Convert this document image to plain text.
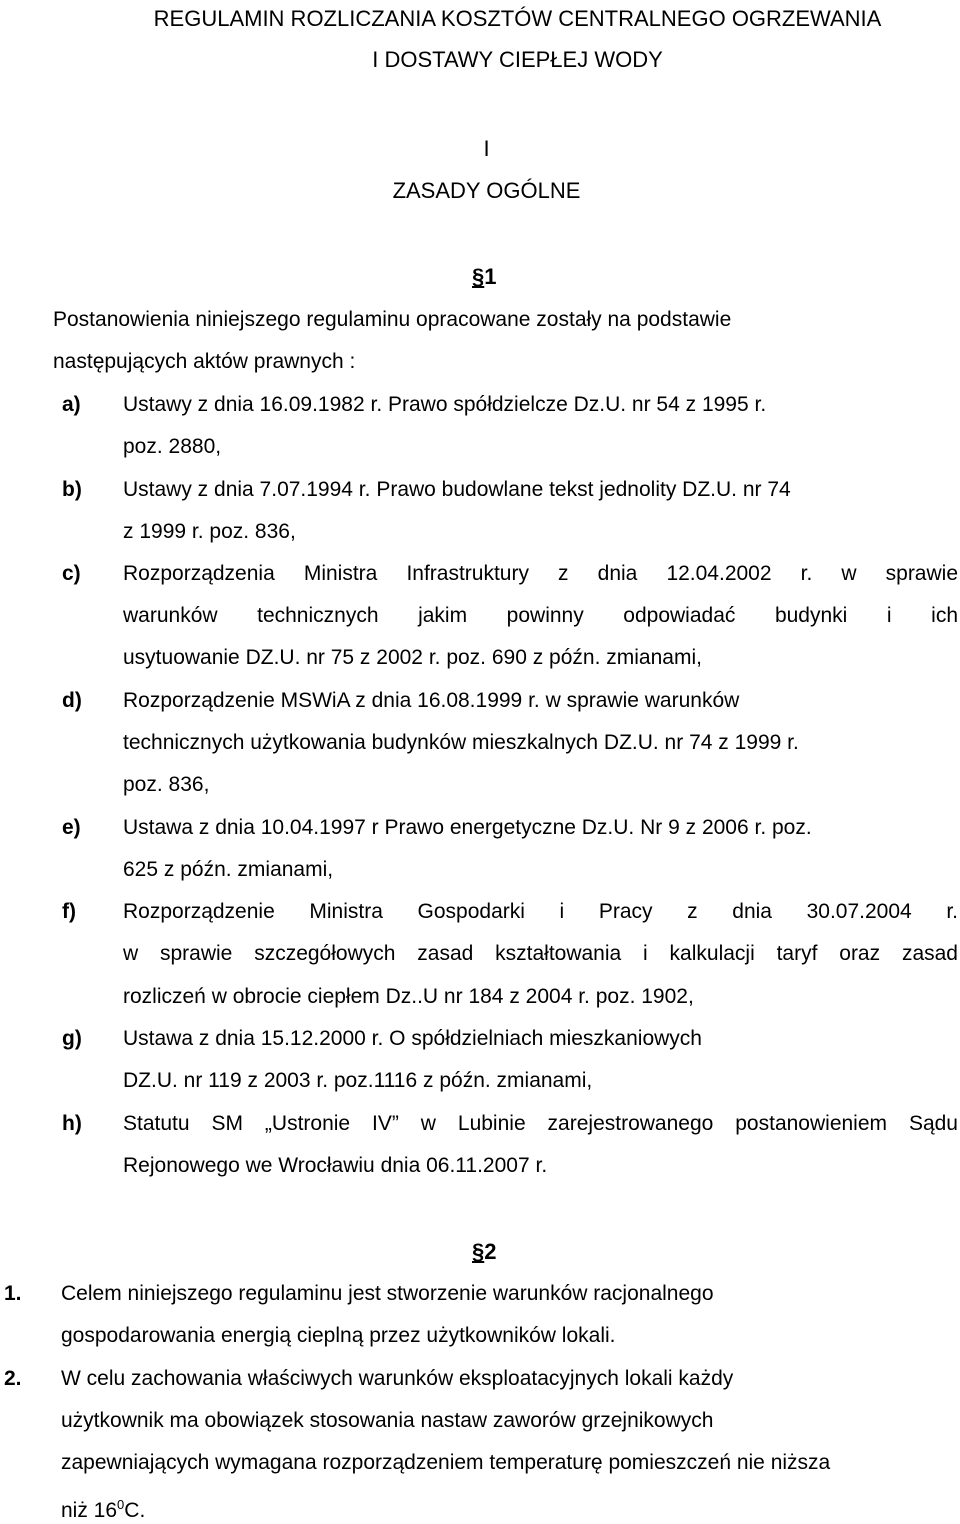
REGULAMIN ROZLICZANIA KOSZTÓW CENTRALNEGO OGRZEWANIA
I DOSTAWY CIEPŁEJ WODY
I
ZASADY OGÓLNE
§1
Postanowienia niniejszego regulaminu opracowane zostały na podstawie
następujących aktów prawnych :
a) Ustawy z dnia 16.09.1982 r. Prawo spółdzielcze Dz.U. nr 54 z 1995 r.
poz. 2880,
b) Ustawy z dnia 7.07.1994 r. Prawo budowlane tekst jednolity DZ.U. nr 74
z 1999 r. poz. 836,
c) Rozporządzenia Ministra Infrastruktury z dnia 12.04.2002 r. w sprawie
warunków technicznych jakim powinny odpowiadać budynki i ich
usytuowanie DZ.U. nr 75 z 2002 r. poz. 690 z późn. zmianami,
d) Rozporządzenie MSWiA z dnia 16.08.1999 r. w sprawie warunków
technicznych użytkowania budynków mieszkalnych DZ.U. nr 74 z 1999 r.
poz. 836,
e) Ustawa z dnia 10.04.1997 r Prawo energetyczne Dz.U. Nr 9 z 2006 r. poz.
625 z późn. zmianami,
f) Rozporządzenie Ministra Gospodarki i Pracy z dnia 30.07.2004 r.
w sprawie szczegółowych zasad kształtowania i kalkulacji taryf oraz zasad
rozliczeń w obrocie ciepłem Dz..U nr 184 z 2004 r. poz. 1902,
g) Ustawa z dnia 15.12.2000 r. O spółdzielniach mieszkaniowych
DZ.U. nr 119 z 2003 r. poz.1116 z późn. zmianami,
h) Statutu SM „Ustronie IV” w Lubinie zarejestrowanego postanowieniem Sądu
Rejonowego we Wrocławiu dnia 06.11.2007 r.
§2
1. Celem niniejszego regulaminu jest stworzenie warunków racjonalnego
gospodarowania energią cieplną przez użytkowników lokali.
2. W celu zachowania właściwych warunków eksploatacyjnych lokali każdy
użytkownik ma obowiązek stosowania nastaw zaworów grzejnikowych
zapewniających wymagana rozporządzeniem temperaturę pomieszczeń nie niższa
niż $16^0C$.
